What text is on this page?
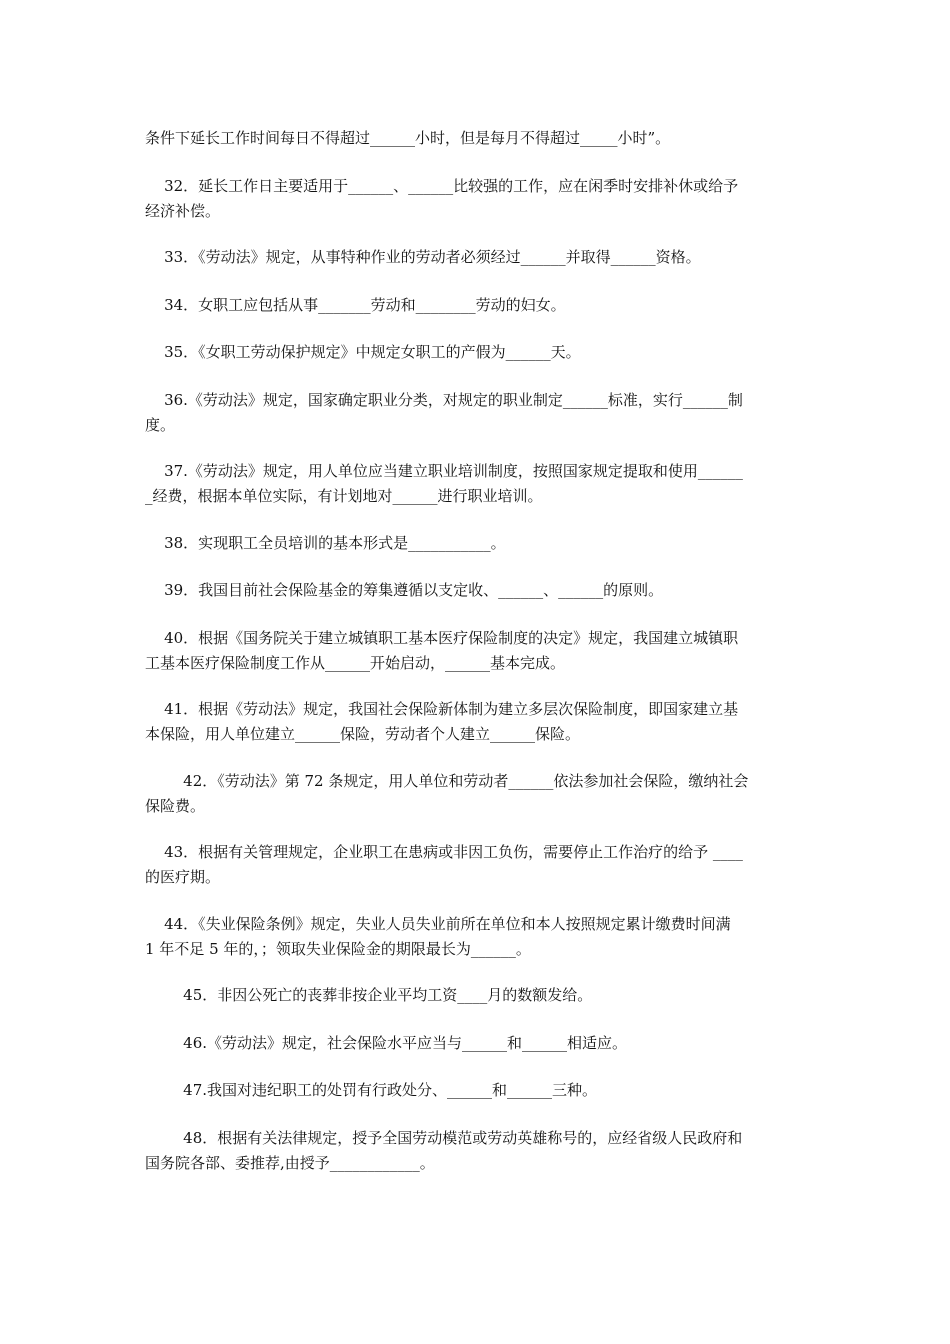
条件下延长工作时间每日不得超过______小时，但是每月不得超过_____小时”。
32．延长工作日主要适用于______、______比较强的工作，应在闲季时安排补休或给予
经济补偿。
33．《劳动法》规定，从事特种作业的劳动者必须经过______并取得______资格。
34．女职工应包括从事_______劳动和________劳动的妇女。
35．《女职工劳动保护规定》中规定女职工的产假为______天。
36.《劳动法》规定，国家确定职业分类，对规定的职业制定______标准，实行______制
度。
37.《劳动法》规定，用人单位应当建立职业培训制度，按照国家规定提取和使用______
_经费，根据本单位实际，有计划地对______进行职业培训。
38．实现职工全员培训的基本形式是___________。
39．我国目前社会保险基金的筹集遵循以支定收、______、______的原则。
40．根据《国务院关于建立城镇职工基本医疗保险制度的决定》规定，我国建立城镇职
工基本医疗保险制度工作从______开始启动，______基本完成。
41．根据《劳动法》规定，我国社会保险新体制为建立多层次保险制度，即国家建立基
本保险，用人单位建立______保险，劳动者个人建立______保险。
42．《劳动法》第 72 条规定，用人单位和劳动者______依法参加社会保险，缴纳社会
保险费。
43．根据有关管理规定，企业职工在患病或非因工负伤，需要停止工作治疗的给予 ____
的医疗期。
44．《失业保险条例》规定，失业人员失业前所在单位和本人按照规定累计缴费时间满
1 年不足 5 年的，；领取失业保险金的期限最长为______。
45．非因公死亡的丧葬非按企业平均工资____月的数额发给。
46.《劳动法》规定，社会保险水平应当与______和______相适应。
47.我国对违纪职工的处罚有行政处分、______和______三种。
48．根据有关法律规定，授予全国劳动模范或劳动英雄称号的，应经省级人民政府和
国务院各部、委推荐,由授予____________。
